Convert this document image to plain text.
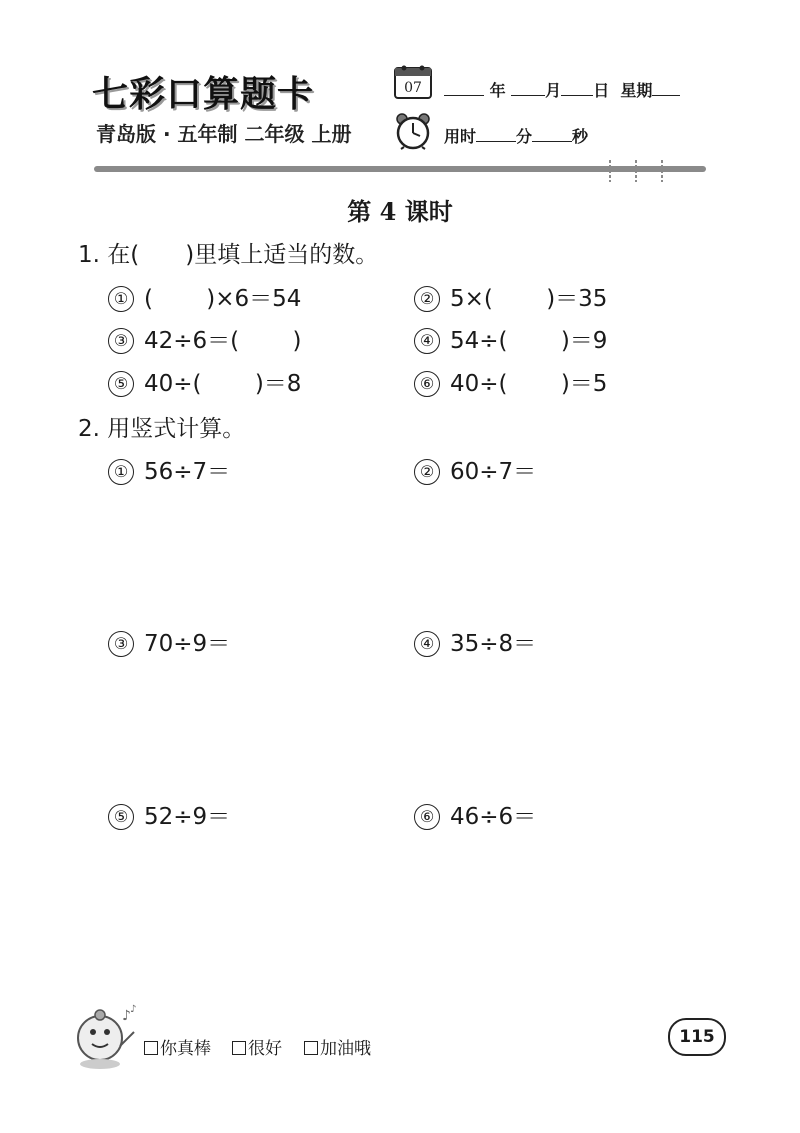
七彩口算题卡
青岛版 · 五年制 二年级 上册
07	年 月 日 星期
用时	分	秒
第 4 课时
1. 在(　　)里填上适当的数。
① (　　 )×6＝54	② 5×(　　 )＝35
③ 42÷6＝(　　 )	④ 54÷(　　 )＝9
⑤ 40÷(　　 )＝8	⑥ 40÷(　　 )＝5
2. 用竖式计算。
① 56÷7＝	② 60÷7＝
③ 70÷9＝	④ 35÷8＝
⑤ 52÷9＝	⑥ 46÷6＝
♪ ♪
你真棒	很好	加油哦
115
